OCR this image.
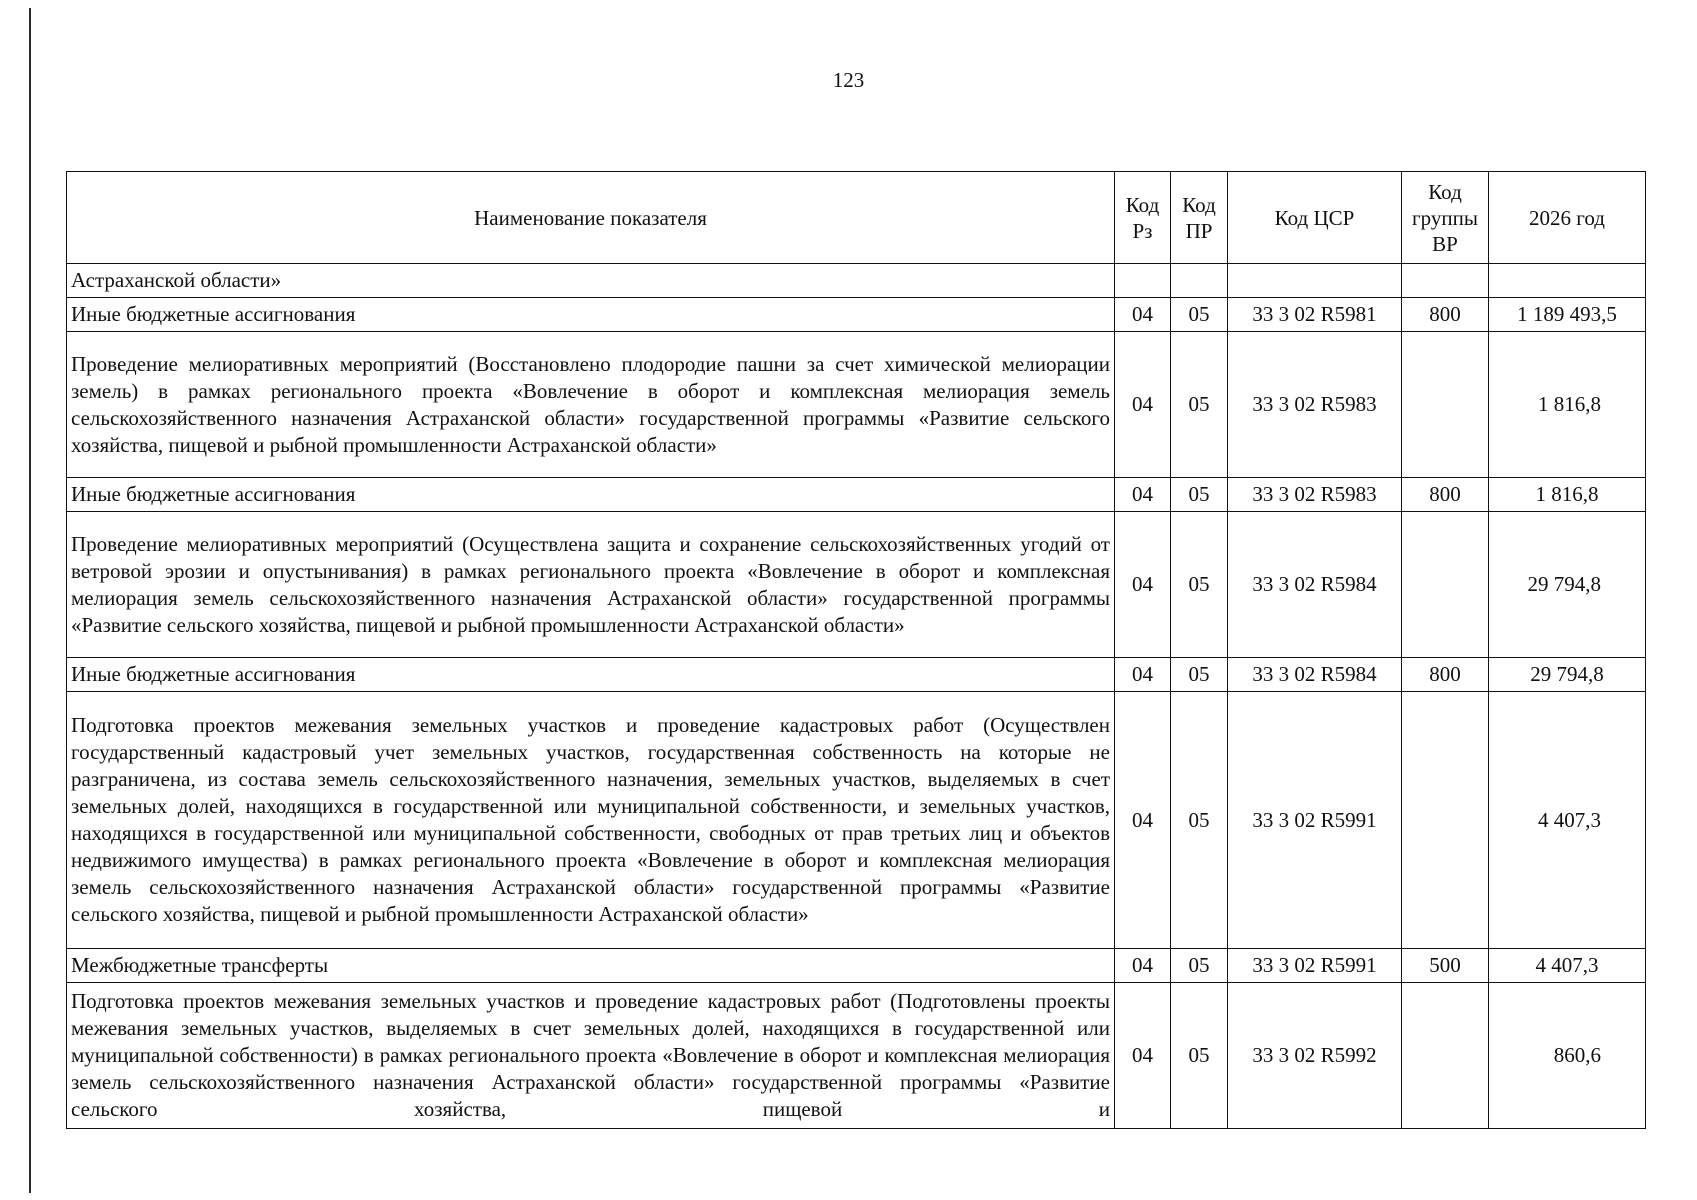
123
Наименование показателя	Код Рз	Код ПР	Код ЦСР	Код группы ВР	2026 год
Астраханской области»					
Иные бюджетные ассигнования	04	05	33 3 02 R5981	800	1 189 493,5
Проведение мелиоративных мероприятий (Восстановлено плодородие пашни за счет химической мелиорации земель) в рамках регионального проекта «Вовлечение в оборот и комплексная мелиорация земель сельскохозяйственного назначения Астраханской области» государственной программы «Развитие сельского хозяйства, пищевой и рыбной промышленности Астраханской области»	04	05	33 3 02 R5983		1 816,8
Иные бюджетные ассигнования	04	05	33 3 02 R5983	800	1 816,8
Проведение мелиоративных мероприятий (Осуществлена защита и сохранение сельскохозяйственных угодий от ветровой эрозии и опустынивания) в рамках регионального проекта «Вовлечение в оборот и комплексная мелиорация земель сельскохозяйственного назначения Астраханской области» государственной программы «Развитие сельского хозяйства, пищевой и рыбной промышленности Астраханской области»	04	05	33 3 02 R5984		29 794,8
Иные бюджетные ассигнования	04	05	33 3 02 R5984	800	29 794,8
Подготовка проектов межевания земельных участков и проведение кадастровых работ (Осуществлен государственный кадастровый учет земельных участков, государственная собственность на которые не разграничена, из состава земель сельскохозяйственного назначения, земельных участков, выделяемых в счет земельных долей, находящихся в государственной или муниципальной собственности, и земельных участков, находящихся в государственной или муниципальной собственности, свободных от прав третьих лиц и объектов недвижимого имущества) в рамках регионального проекта «Вовлечение в оборот и комплексная мелиорация земель сельскохозяйственного назначения Астраханской области» государственной программы «Развитие сельского хозяйства, пищевой и рыбной промышленности Астраханской области»	04	05	33 3 02 R5991		4 407,3
Межбюджетные трансферты	04	05	33 3 02 R5991	500	4 407,3
Подготовка проектов межевания земельных участков и проведение кадастровых работ (Подготовлены проекты межевания земельных участков, выделяемых в счет земельных долей, находящихся в государственной или муниципальной собственности) в рамках регионального проекта «Вовлечение в оборот и комплексная мелиорация земель сельскохозяйственного назначения Астраханской области» государственной программы «Развитие сельского хозяйства, пищевой и	04	05	33 3 02 R5992		860,6
